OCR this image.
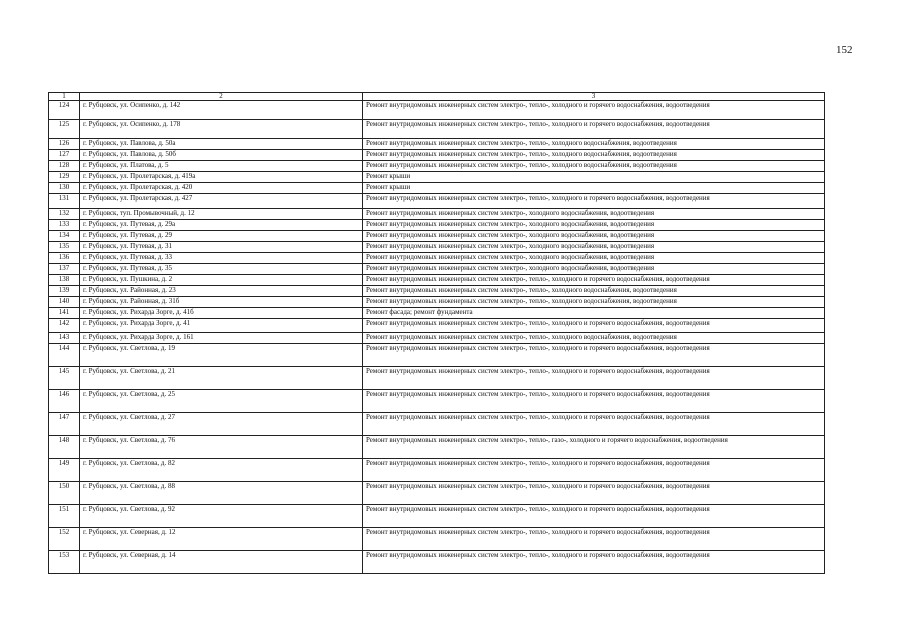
152
1	2	3
124	г. Рубцовск, ул. Осипенко, д. 142	Ремонт внутридомовых инженерных систем электро-, тепло-, холодного и горячего водоснабжения, водоотведения
125	г. Рубцовск, ул. Осипенко, д. 178	Ремонт внутридомовых инженерных систем электро-, тепло-, холодного и горячего водоснабжения, водоотведения
126	г. Рубцовск, ул. Павлова, д. 50а	Ремонт внутридомовых инженерных систем электро-, тепло-, холодного водоснабжения, водоотведения
127	г. Рубцовск, ул. Павлова, д. 50б	Ремонт внутридомовых инженерных систем электро-, тепло-, холодного водоснабжения, водоотведения
128	г. Рубцовск, ул. Платова, д. 5	Ремонт внутридомовых инженерных систем электро-, тепло-, холодного водоснабжения, водоотведения
129	г. Рубцовск, ул. Пролетарская, д. 419а	Ремонт крыши
130	г. Рубцовск, ул. Пролетарская, д. 420	Ремонт крыши
131	г. Рубцовск, ул. Пролетарская, д. 427	Ремонт внутридомовых инженерных систем электро-, тепло-, холодного и горячего водоснабжения, водоотведения
132	г. Рубцовск, туп. Промывочный, д. 12	Ремонт внутридомовых инженерных систем электро-, холодного водоснабжения, водоотведения
133	г. Рубцовск, ул. Путевая, д. 29а	Ремонт внутридомовых инженерных систем электро-, холодного водоснабжения, водоотведения
134	г. Рубцовск, ул. Путевая, д. 29	Ремонт внутридомовых инженерных систем электро-, холодного водоснабжения, водоотведения
135	г. Рубцовск, ул. Путевая, д. 31	Ремонт внутридомовых инженерных систем электро-, холодного водоснабжения, водоотведения
136	г. Рубцовск, ул. Путевая, д. 33	Ремонт внутридомовых инженерных систем электро-, холодного водоснабжения, водоотведения
137	г. Рубцовск, ул. Путевая, д. 35	Ремонт внутридомовых инженерных систем электро-, холодного водоснабжения, водоотведения
138	г. Рубцовск, ул. Пушкина, д. 2	Ремонт внутридомовых инженерных систем электро-, тепло-, холодного и горячего водоснабжения, водоотведения
139	г. Рубцовск, ул. Районная, д. 23	Ремонт внутридомовых инженерных систем электро-, тепло-, холодного водоснабжения, водоотведения
140	г. Рубцовск, ул. Районная, д. 31б	Ремонт внутридомовых инженерных систем электро-, тепло-, холодного водоснабжения, водоотведения
141	г. Рубцовск, ул. Рихарда Зорге, д. 41б	Ремонт фасада; ремонт фундамента
142	г. Рубцовск, ул. Рихарда Зорге, д. 41	Ремонт внутридомовых инженерных систем электро-, тепло-, холодного и горячего водоснабжения, водоотведения
143	г. Рубцовск, ул. Рихарда Зорге, д. 161	Ремонт внутридомовых инженерных систем электро-, тепло-, холодного водоснабжения, водоотведения
144	г. Рубцовск, ул. Светлова, д. 19	Ремонт внутридомовых инженерных систем электро-, тепло-, холодного и горячего водоснабжения, водоотведения
145	г. Рубцовск, ул. Светлова, д. 21	Ремонт внутридомовых инженерных систем электро-, тепло-, холодного и горячего водоснабжения, водоотведения
146	г. Рубцовск, ул. Светлова, д. 25	Ремонт внутридомовых инженерных систем электро-, тепло-, холодного и горячего водоснабжения, водоотведения
147	г. Рубцовск, ул. Светлова, д. 27	Ремонт внутридомовых инженерных систем электро-, тепло-, холодного и горячего водоснабжения, водоотведения
148	г. Рубцовск, ул. Светлова, д. 76	Ремонт внутридомовых инженерных систем электро-, тепло-, газо-, холодного и горячего водоснабжения, водоотведения
149	г. Рубцовск, ул. Светлова, д. 82	Ремонт внутридомовых инженерных систем электро-, тепло-, холодного и горячего водоснабжения, водоотведения
150	г. Рубцовск, ул. Светлова, д. 88	Ремонт внутридомовых инженерных систем электро-, тепло-, холодного и горячего водоснабжения, водоотведения
151	г. Рубцовск, ул. Светлова, д. 92	Ремонт внутридомовых инженерных систем электро-, тепло-, холодного и горячего водоснабжения, водоотведения
152	г. Рубцовск, ул. Северная, д. 12	Ремонт внутридомовых инженерных систем электро-, тепло-, холодного и горячего водоснабжения, водоотведения
153	г. Рубцовск, ул. Северная, д. 14	Ремонт внутридомовых инженерных систем электро-, тепло-, холодного и горячего водоснабжения, водоотведения
